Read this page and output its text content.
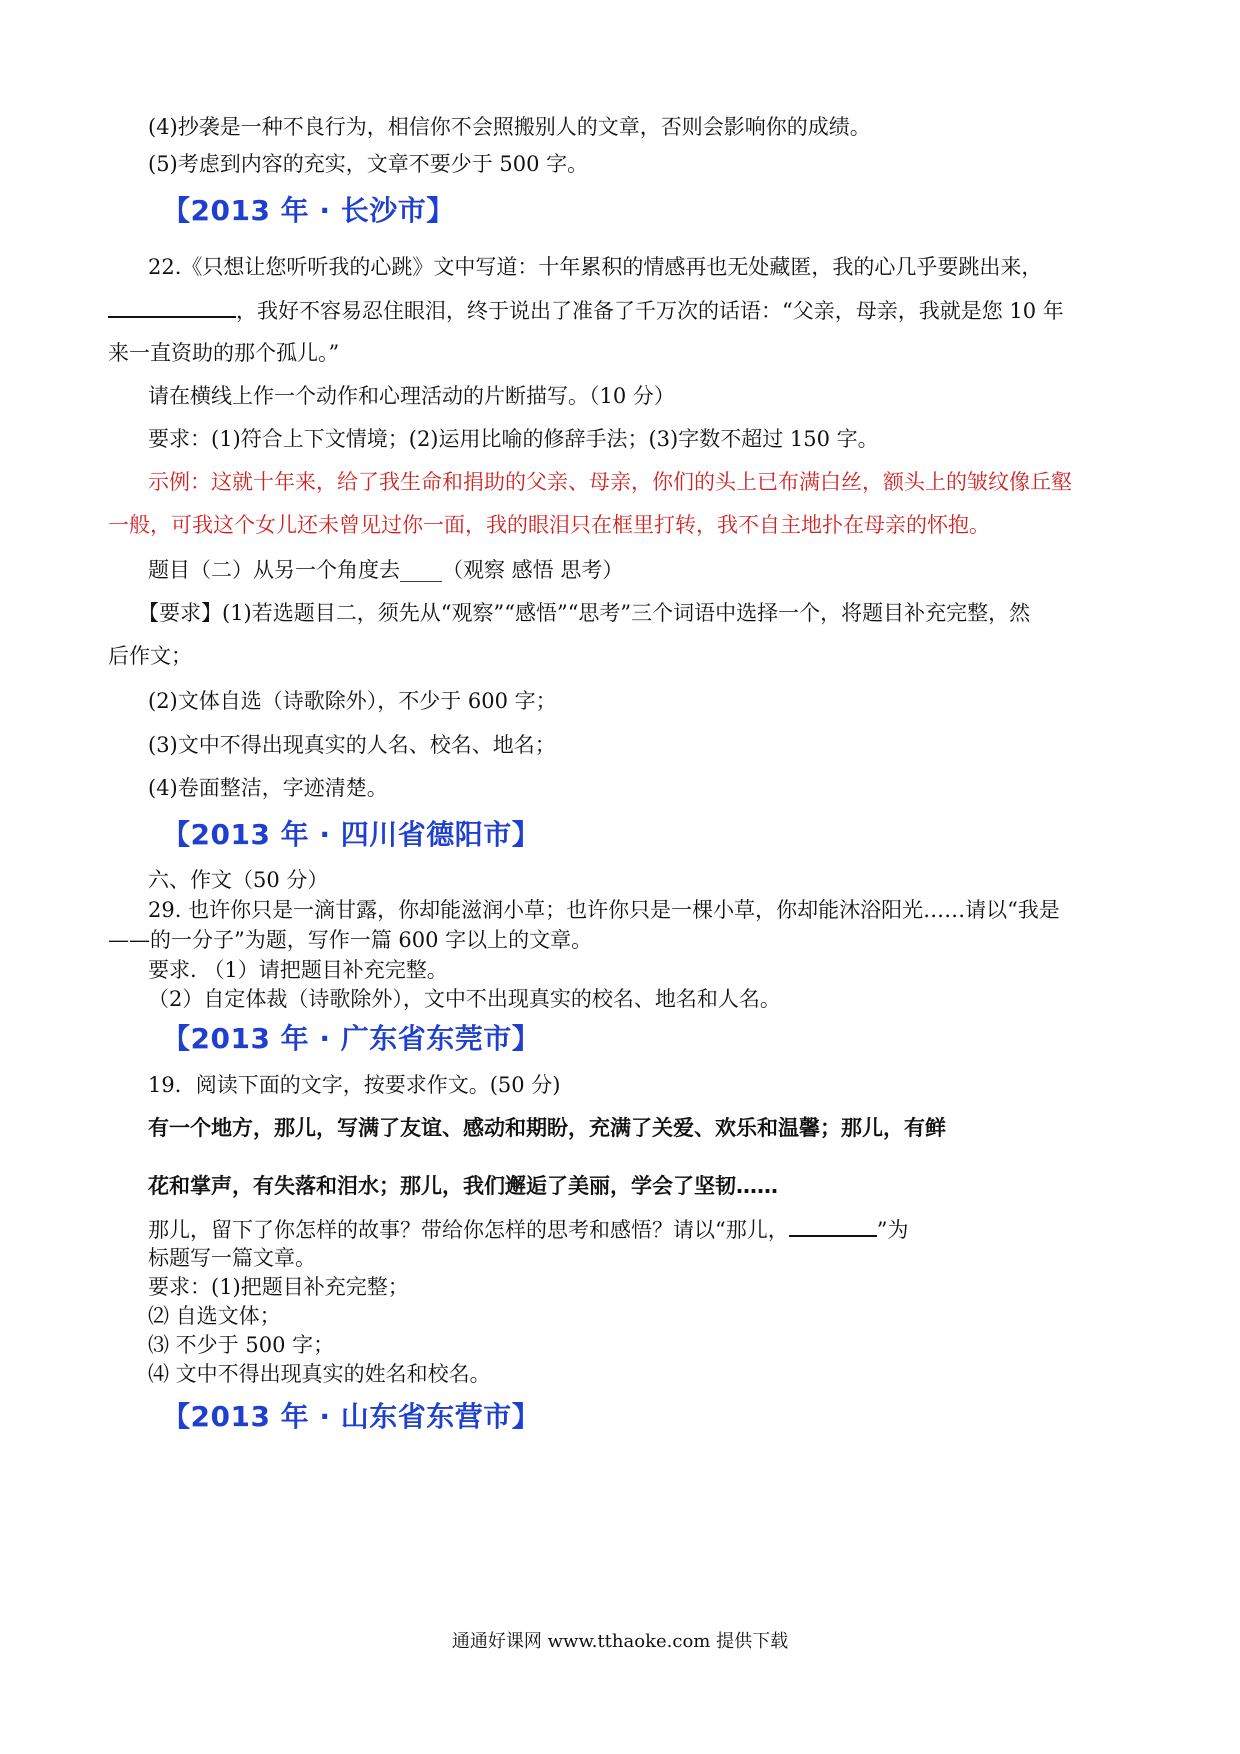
(4)抄袭是一种不良行为，相信你不会照搬别人的文章，否则会影响你的成绩。
(5)考虑到内容的充实，文章不要少于 500 字。
【2013 年 · 长沙市】
22.《只想让您听听我的心跳》文中写道：十年累积的情感再也无处藏匿，我的心几乎要跳出来，
，我好不容易忍住眼泪，终于说出了准备了千万次的话语：“父亲，母亲，我就是您 10 年
来一直资助的那个孤儿。”
请在横线上作一个动作和心理活动的片断描写。（10 分）
要求：(1)符合上下文情境；(2)运用比喻的修辞手法；(3)字数不超过 150 字。
示例：这就十年来，给了我生命和捐助的父亲、母亲，你们的头上已布满白丝，额头上的皱纹像丘壑
一般，可我这个女儿还未曾见过你一面，我的眼泪只在框里打转，我不自主地扑在母亲的怀抱。
题目（二）从另一个角度去____（观察 感悟 思考）
【要求】(1)若选题目二，须先从“观察”“感悟”“思考”三个词语中选择一个，将题目补充完整，然
后作文；
(2)文体自选（诗歌除外），不少于 600 字；
(3)文中不得出现真实的人名、校名、地名；
(4)卷面整洁，字迹清楚。
【2013 年 · 四川省德阳市】
六、作文（50 分）
29. 也许你只是一滴甘露，你却能滋润小草；也许你只是一棵小草，你却能沐浴阳光……请以“我是
——的一分子”为题，写作一篇 600 字以上的文章。
要求. （1）请把题目补充完整。
（2）自定体裁（诗歌除外），文中不出现真实的校名、地名和人名。
【2013 年 · 广东省东莞市】
19．阅读下面的文字，按要求作文。(50 分)
有一个地方，那儿，写满了友谊、感动和期盼，充满了关爱、欢乐和温馨；那儿，有鲜
花和掌声，有失落和泪水；那儿，我们邂逅了美丽，学会了坚韧……
那儿，留下了你怎样的故事？带给你怎样的思考和感悟？请以“那儿，	”为
标题写一篇文章。
要求：(1)把题目补充完整；
⑵ 自选文体；
⑶ 不少于 500 字；
⑷ 文中不得出现真实的姓名和校名。
【2013 年 · 山东省东营市】
通通好课网 www.tthaoke.com 提供下载
